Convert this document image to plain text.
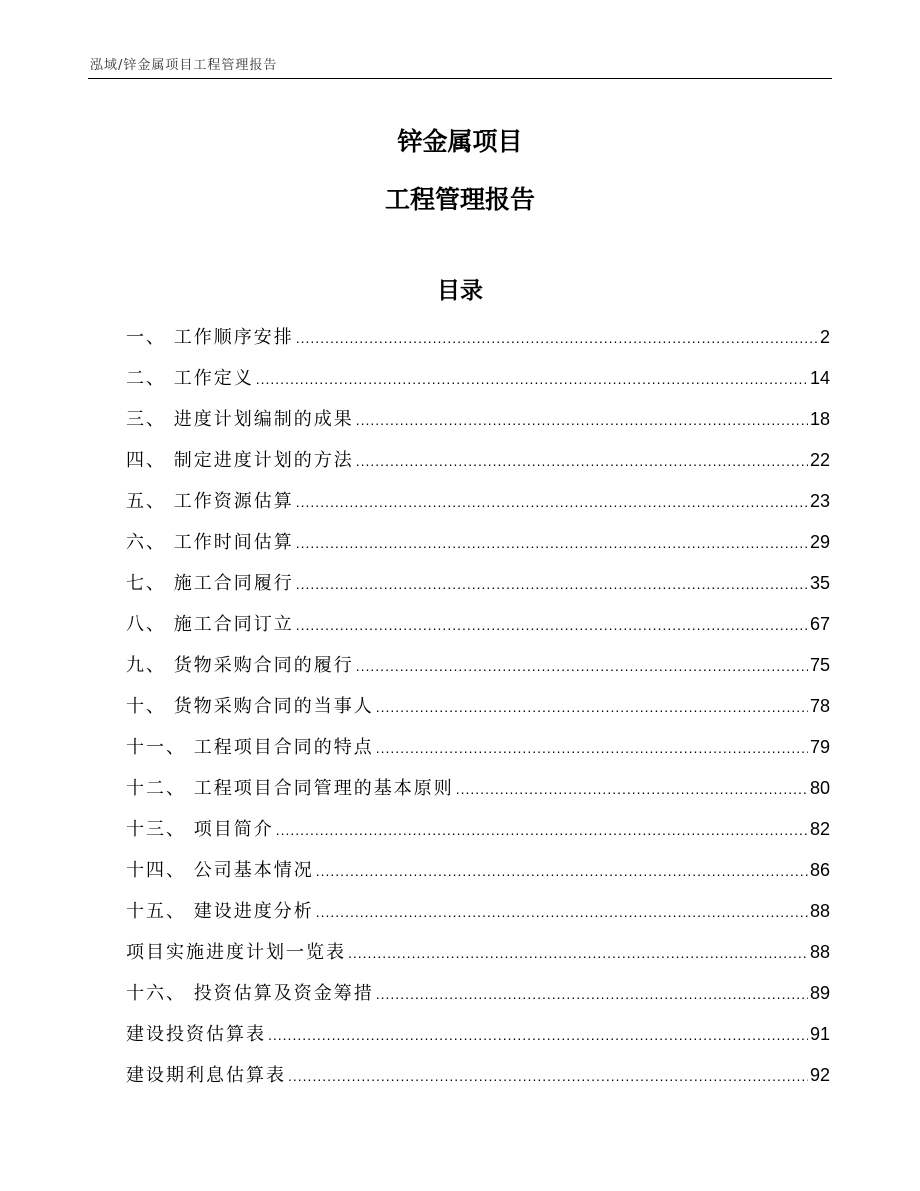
泓域/锌金属项目工程管理报告
锌金属项目
工程管理报告
目录
一、 工作顺序安排 .....	2
二、 工作定义 .....	14
三、 进度计划编制的成果 .....	18
四、 制定进度计划的方法 .....	22
五、 工作资源估算 .....	23
六、 工作时间估算 .....	29
七、 施工合同履行 .....	35
八、 施工合同订立 .....	67
九、 货物采购合同的履行 .....	75
十、 货物采购合同的当事人 .....	78
十一、 工程项目合同的特点 .....	79
十二、 工程项目合同管理的基本原则 .....	80
十三、 项目简介 .....	82
十四、 公司基本情况 .....	86
十五、 建设进度分析 .....	88
项目实施进度计划一览表 .....	88
十六、 投资估算及资金筹措 .....	89
建设投资估算表 .....	91
建设期利息估算表 .....	92
